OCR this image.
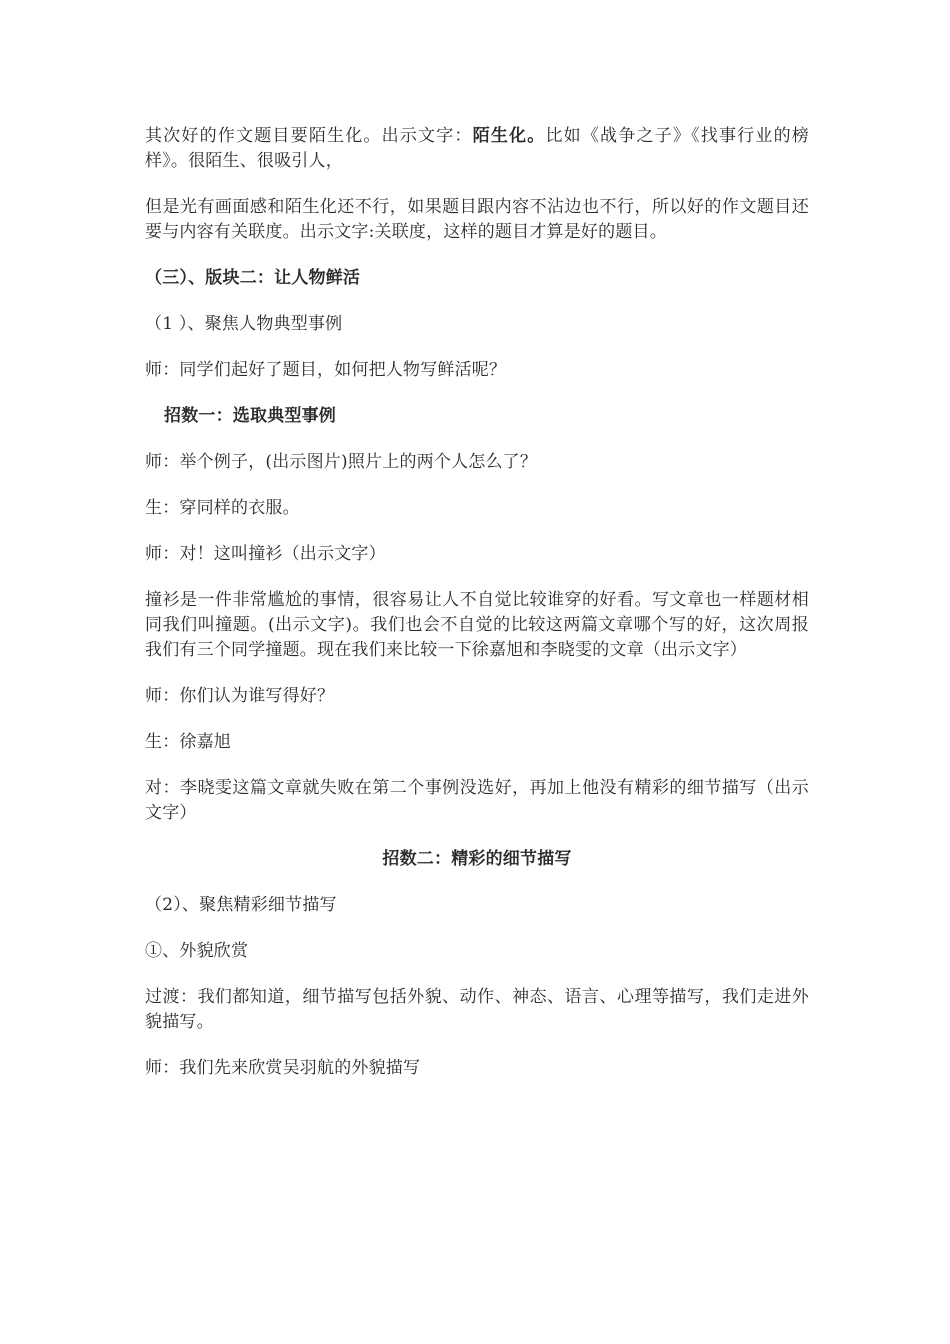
其次好的作文题目要陌生化。出示文字：陌生化。比如《战争之子》《找事行业的榜样》。很陌生、很吸引人，

但是光有画面感和陌生化还不行，如果题目跟内容不沾边也不行，所以好的作文题目还要与内容有关联度。出示文字:关联度，这样的题目才算是好的题目。

（三）、版块二：让人物鲜活

（1 ）、聚焦人物典型事例

师：同学们起好了题目，如何把人物写鲜活呢？

招数一：选取典型事例

师：举个例子，(出示图片)照片上的两个人怎么了？

生：穿同样的衣服。

师：对！这叫撞衫（出示文字）

撞衫是一件非常尴尬的事情，很容易让人不自觉比较谁穿的好看。写文章也一样题材相同我们叫撞题。(出示文字)。我们也会不自觉的比较这两篇文章哪个写的好，这次周报我们有三个同学撞题。现在我们来比较一下徐嘉旭和李晓雯的文章（出示文字）

师：你们认为谁写得好？

生：徐嘉旭

对：李晓雯这篇文章就失败在第二个事例没选好，再加上他没有精彩的细节描写（出示文字）

招数二：精彩的细节描写

（2）、聚焦精彩细节描写

①、外貌欣赏

过渡：我们都知道，细节描写包括外貌、动作、神态、语言、心理等描写，我们走进外貌描写。

师：我们先来欣赏吴羽航的外貌描写
